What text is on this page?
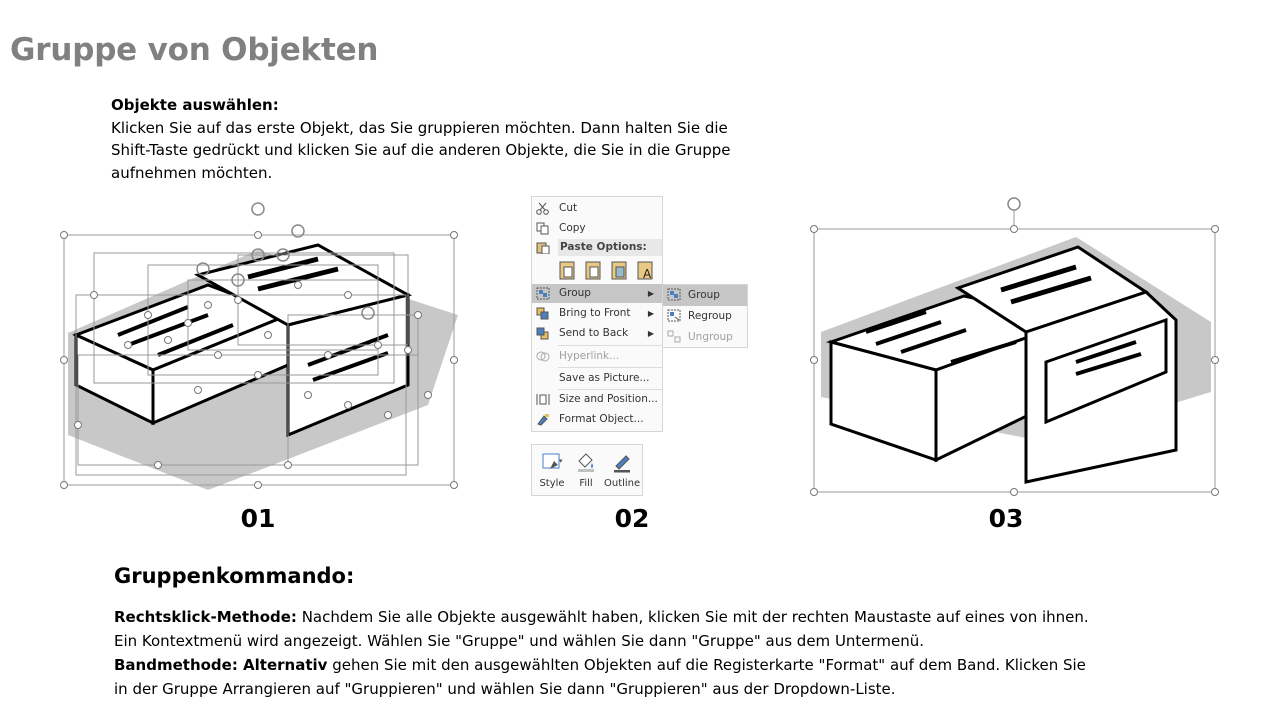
Gruppe von Objekten
Objekte auswählen:
Klicken Sie auf das erste Objekt, das Sie gruppieren möchten. Dann halten Sie die Shift-Taste gedrückt und klicken Sie auf die anderen Objekte, die Sie in die Gruppe aufnehmen möchten.
01
Cut
Copy
Paste Options:
A
Group	▶
Bring to Front ▶
Send to Back ▶
Hyperlink...
Save as Picture...
Size and Position...
Format Object...
Group
Regroup
Ungroup
▾
Style	Fill	Outline
02	03
Gruppenkommando:
Rechtsklick-Methode: Nachdem Sie alle Objekte ausgewählt haben, klicken Sie mit der rechten Maustaste auf eines von ihnen. Ein Kontextmenü wird angezeigt. Wählen Sie "Gruppe" und wählen Sie dann "Gruppe" aus dem Untermenü.
Bandmethode: Alternativ gehen Sie mit den ausgewählten Objekten auf die Registerkarte "Format" auf dem Band. Klicken Sie in der Gruppe Arrangieren auf "Gruppieren" und wählen Sie dann "Gruppieren" aus der Dropdown-Liste.
